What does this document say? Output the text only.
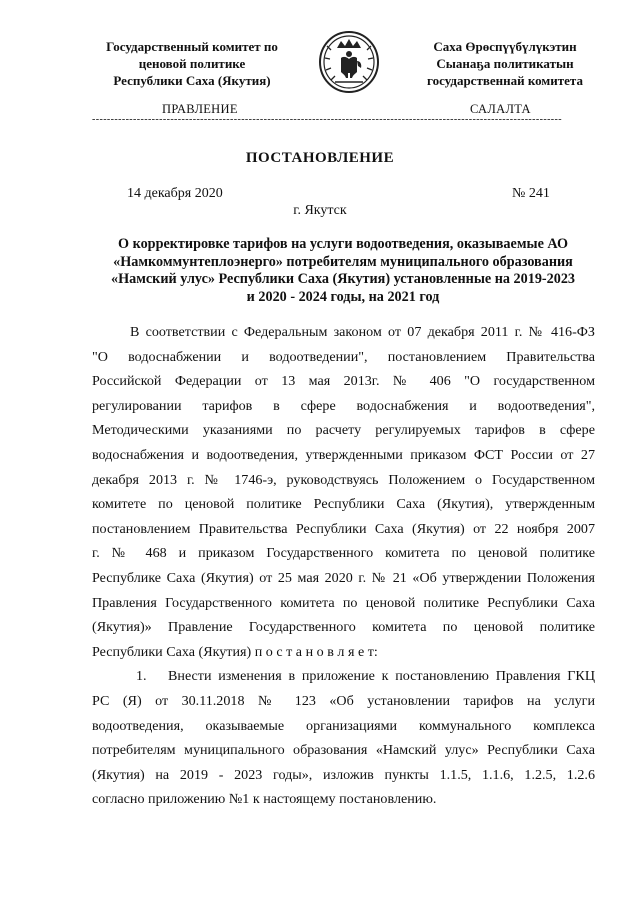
Государственный комитет по
ценовой политике
Республики Саха (Якутия)
Саха Өрөспүүбүлүкэтин
Сыанаҕа политикатын
государственнай комитета
ПРАВЛЕНИЕ	САЛАЛТА
------------------------------------------------------------------------------------------------------------------------------
ПОСТАНОВЛЕНИЕ
14 декабря 2020	№ 241
г. Якутск
О корректировке тарифов на услуги водоотведения, оказываемые АО
«Намкоммунтеплоэнерго» потребителям муниципального образования
«Намский улус» Республики Саха (Якутия) установленные на 2019-2023
и 2020 - 2024 годы, на 2021 год
В соответствии с Федеральным законом от 07 декабря 2011 г. № 416-ФЗ
"О водоснабжении и водоотведении", постановлением Правительства
Российской Федерации от 13 мая 2013г. № 406 "О государственном
регулировании тарифов в сфере водоснабжения и водоотведения",
Методическими указаниями по расчету регулируемых тарифов в сфере
водоснабжения и водоотведения, утвержденными приказом ФСТ России от 27
декабря 2013 г. № 1746-э, руководствуясь Положением о Государственном
комитете по ценовой политике Республики Саха (Якутия), утвержденным
постановлением Правительства Республики Саха (Якутия) от 22 ноября 2007
г. № 468 и приказом Государственного комитета по ценовой политике
Республике Саха (Якутия) от 25 мая 2020 г. № 21 «Об утверждении Положения
Правления Государственного комитета по ценовой политике Республики Саха
(Якутия)» Правление Государственного комитета по ценовой политике
Республики Саха (Якутия) п о с т а н о в л я е т:
1. Внести изменения в приложение к постановлению Правления ГКЦ
РС (Я) от 30.11.2018 № 123 «Об установлении тарифов на услуги
водоотведения, оказываемые организациями коммунального комплекса
потребителям муниципального образования «Намский улус» Республики Саха
(Якутия) на 2019 - 2023 годы», изложив пункты 1.1.5, 1.1.6, 1.2.5, 1.2.6
согласно приложению №1 к настоящему постановлению.
